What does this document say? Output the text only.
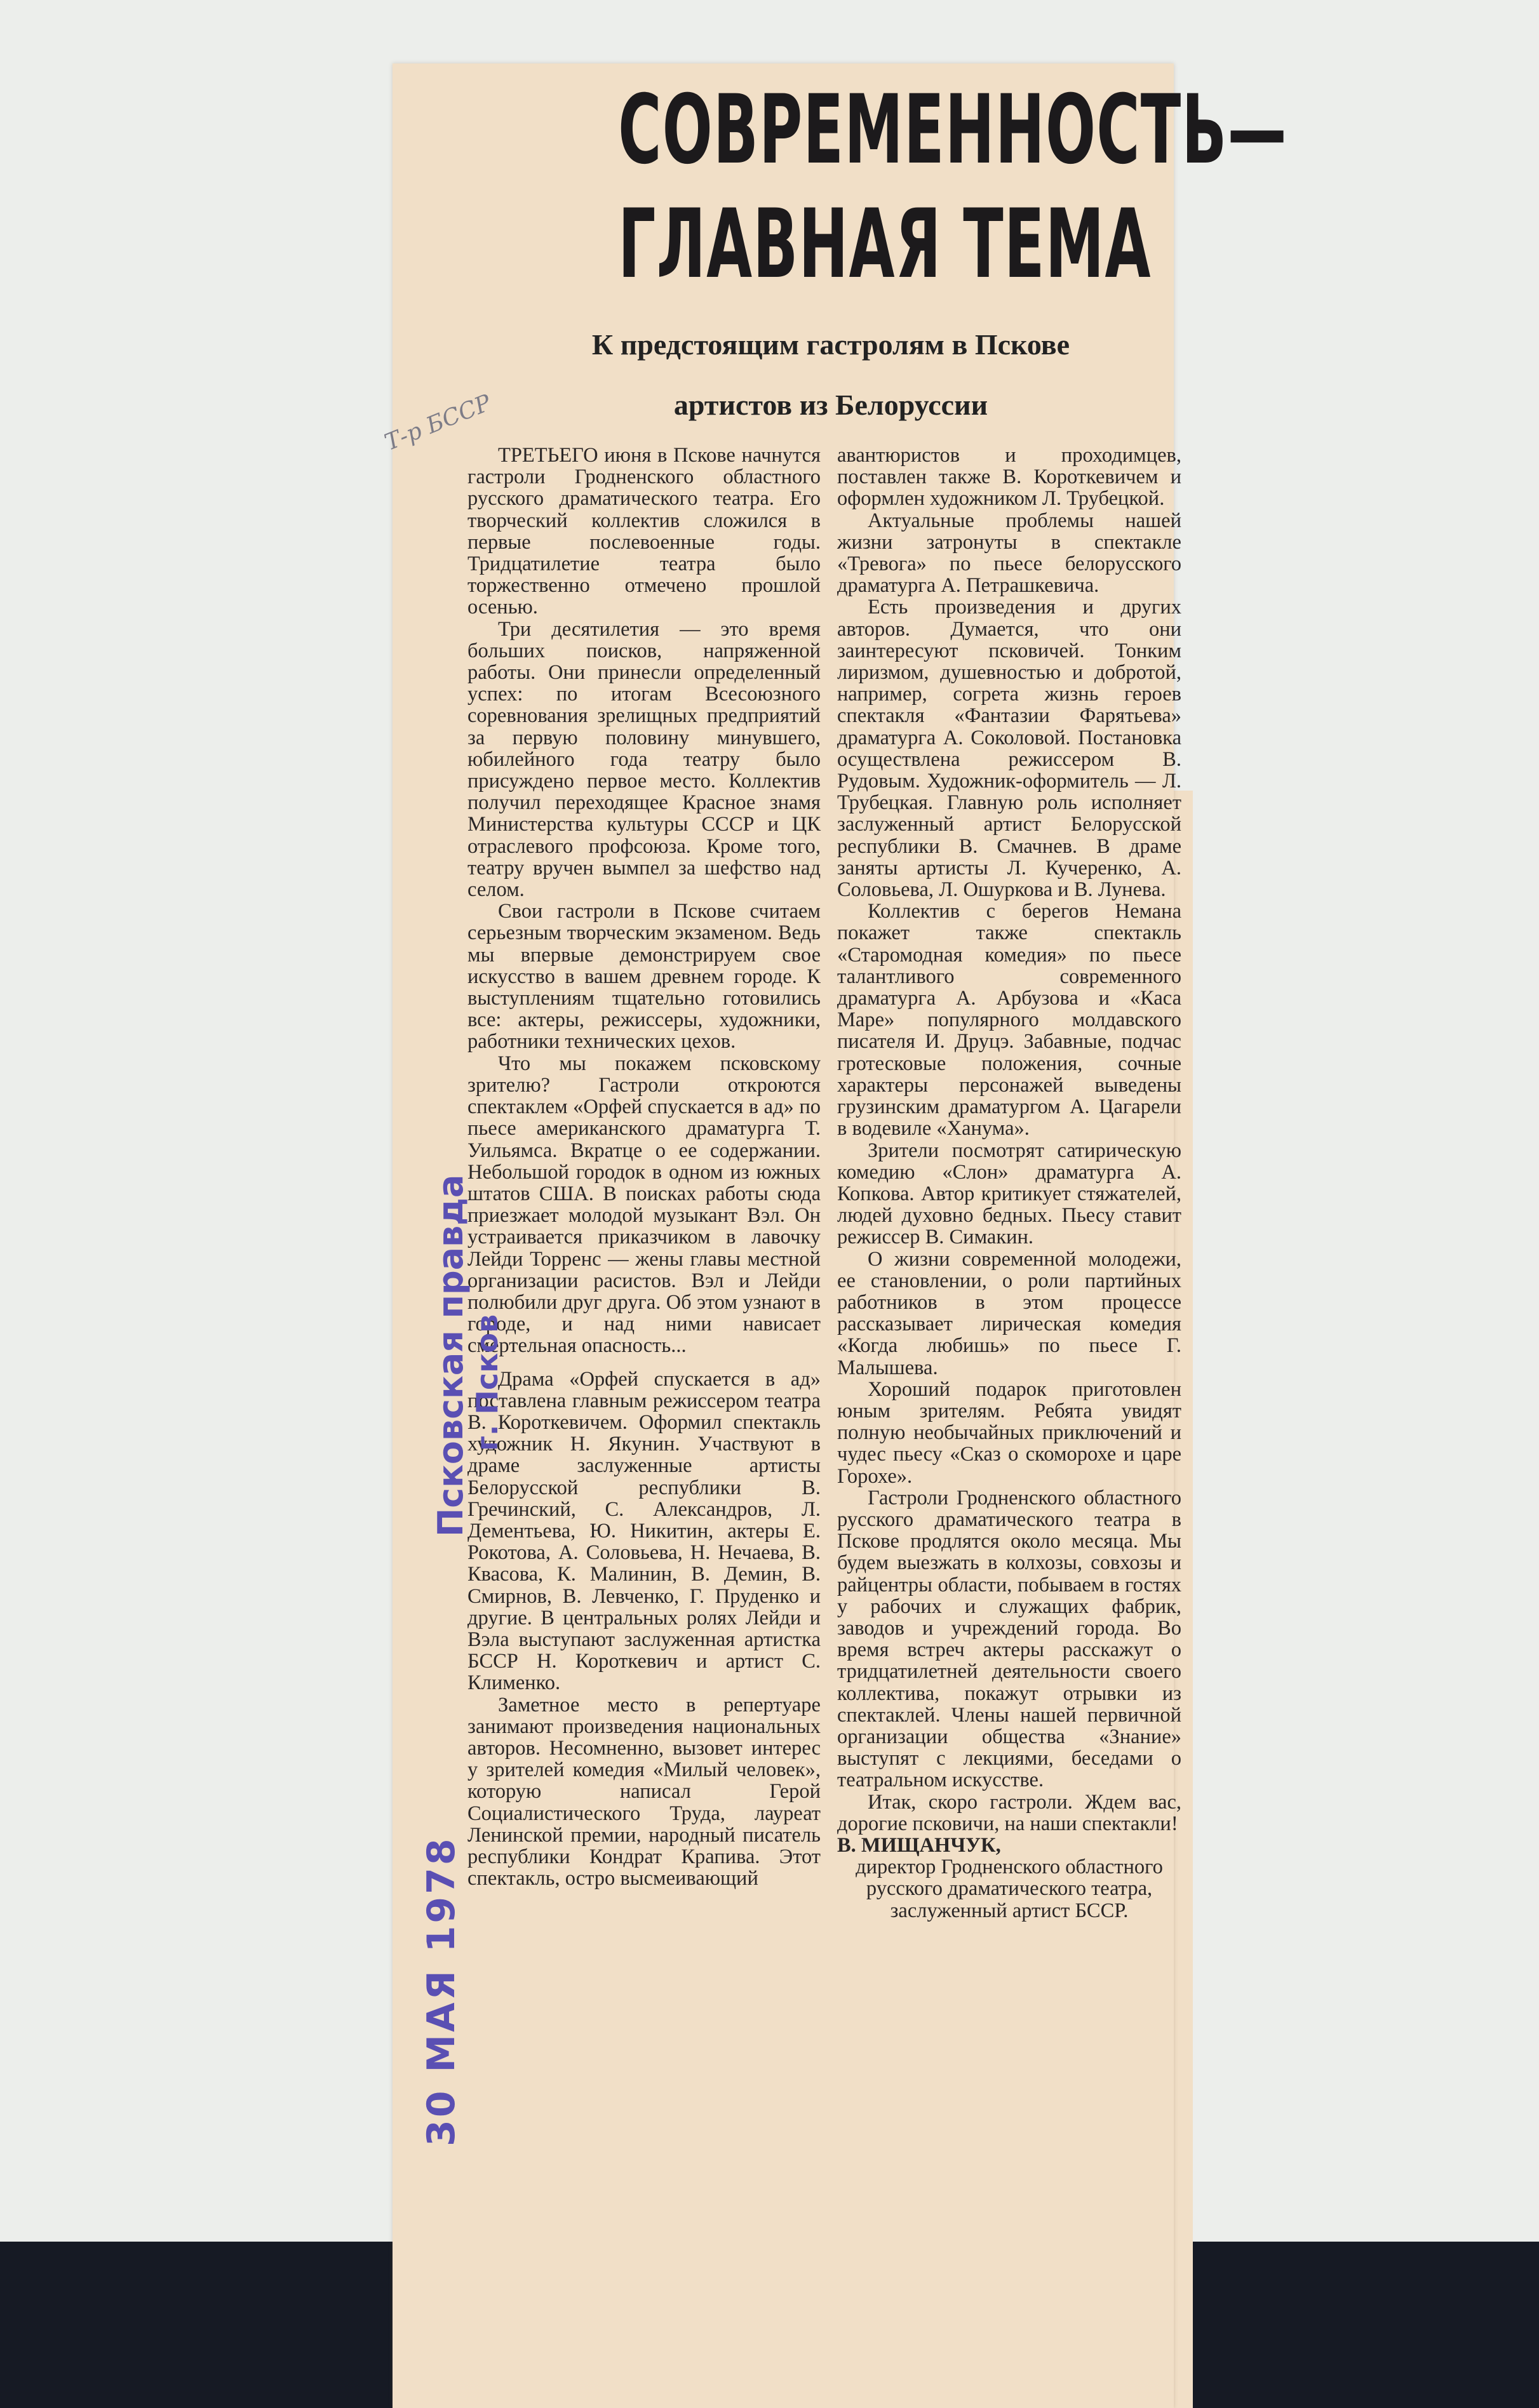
СОВРЕМЕННОСТЬ—
ГЛАВНАЯ ТЕМА
К предстоящим гастролям в Пскове
артистов из Белоруссии

ТРЕТЬЕГО июня в Пскове начнутся гастроли Гродненского областного русского драматического театра. Его творческий коллектив сложился в первые послевоенные годы. Тридцатилетие театра было торжественно отмечено прошлой осенью.

Три десятилетия — это время больших поисков, напряженной работы. Они принесли определенный успех: по итогам Всесоюзного соревнования зрелищных предприятий за первую половину минувшего, юбилейного года театру было присуждено первое место. Коллектив получил переходящее Красное знамя Министерства культуры СССР и ЦК отраслевого профсоюза. Кроме того, театру вручен вымпел за шефство над селом.

Свои гастроли в Пскове считаем серьезным творческим экзаменом. Ведь мы впервые демонстрируем свое искусство в вашем древнем городе. К выступлениям тщательно готовились все: актеры, режиссеры, художники, работники технических цехов.

Что мы покажем псковскому зрителю? Гастроли откроются спектаклем «Орфей спускается в ад» по пьесе американского драматурга Т. Уильямса. Вкратце о ее содержании. Небольшой городок в одном из южных штатов США. В поисках работы сюда приезжает молодой музыкант Вэл. Он устраивается приказчиком в лавочку Лейди Торренс — жены главы местной организации расистов. Вэл и Лейди полюбили друг друга. Об этом узнают в городе, и над ними нависает смертельная опасность...

Драма «Орфей спускается в ад» поставлена главным режиссером театра В. Короткевичем. Оформил спектакль художник Н. Якунин. Участвуют в драме заслуженные артисты Белорусской республики В. Гречинский, С. Александров, Л. Дементьева, Ю. Никитин, актеры Е. Рокотова, А. Соловьева, Н. Нечаева, В. Квасова, К. Малинин, В. Демин, В. Смирнов, В. Левченко, Г. Пруденко и другие. В центральных ролях Лейди и Вэла выступают заслуженная артистка БССР Н. Короткевич и артист С. Клименко.

Заметное место в репертуаре занимают произведения национальных авторов. Несомненно, вызовет интерес у зрителей комедия «Милый человек», которую написал Герой Социалистического Труда, лауреат Ленинской премии, народный писатель республики Кондрат Крапива. Этот спектакль, остро высмеивающий

авантюристов и проходимцев, поставлен также В. Короткевичем и оформлен художником Л. Трубецкой.

Актуальные проблемы нашей жизни затронуты в спектакле «Тревога» по пьесе белорусского драматурга А. Петрашкевича.

Есть произведения и других авторов. Думается, что они заинтересуют псковичей. Тонким лиризмом, душевностью и добротой, например, согрета жизнь героев спектакля «Фантазии Фарятьева» драматурга А. Соколовой. Постановка осуществлена режиссером В. Рудовым. Художник-оформитель — Л. Трубецкая. Главную роль исполняет заслуженный артист Белорусской республики В. Смачнев. В драме заняты артисты Л. Кучеренко, А. Соловьева, Л. Ошуркова и В. Лунева.

Коллектив с берегов Немана покажет также спектакль «Старомодная комедия» по пьесе талантливого современного драматурга А. Арбузова и «Каса Маре» популярного молдавского писателя И. Друцэ. Забавные, подчас гротесковые положения, сочные характеры персонажей выведены грузинским драматургом А. Цагарели в водевиле «Ханума».

Зрители посмотрят сатирическую комедию «Слон» драматурга А. Копкова. Автор критикует стяжателей, людей духовно бедных. Пьесу ставит режиссер В. Симакин.

О жизни современной молодежи, ее становлении, о роли партийных работников в этом процессе рассказывает лирическая комедия «Когда любишь» по пьесе Г. Малышева.

Хороший подарок приготовлен юным зрителям. Ребята увидят полную необычайных приключений и чудес пьесу «Сказ о скоморохе и царе Горохе».

Гастроли Гродненского областного русского драматического театра в Пскове продлятся около месяца. Мы будем выезжать в колхозы, совхозы и райцентры области, побываем в гостях у рабочих и служащих фабрик, заводов и учреждений города. Во время встреч актеры расскажут о тридцатилетней деятельности своего коллектива, покажут отрывки из спектаклей. Члены нашей первичной организации общества «Знание» выступят с лекциями, беседами о театральном искусстве.

Итак, скоро гастроли. Ждем вас, дорогие псковичи, на наши спектакли!

В. МИЩАНЧУК,

директор Гродненского областного русского драматического театра, заслуженный артист БССР.

Т-р БССР
Псковская правда г. Псков
30 МАЯ 1978
